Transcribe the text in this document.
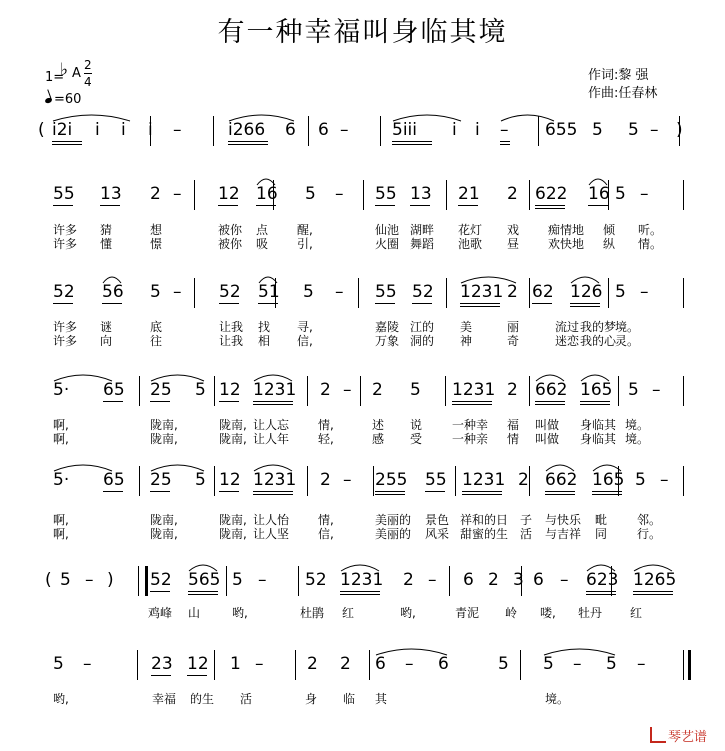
有一种幸福叫身临其境
作词:黎 强
作曲:任春林
1=
♭ A
2
4
=60
( i2i i i i –	i266 6 6 –	5iii i i – 655 5 5 – )
55 13 2 – 12 16 5 – 55 13 21 2 622 16 5 –
52 56 5 – 52 51 5 – 55 52 1231 2 62 126 5 –
5· 65 25 5 12 1231 2 – 2 5 1231 2 662 165 5 –
5· 65 25 5 12 1231 2 – 255 55 1231 2 662 165 5 –
( 5 – ) 52 565 5 – 52 1231 2 – 6 2 3 6 – 623 1265
5 –	23 12 1 –	2 2 6 – 6	5 5 – 5 –
许多 猜	想	被你 点 醒,	仙池 湖畔 花灯 戏 痴情地 倾 听。
许多 懂	憬	被你 吸 引,	火圈 舞蹈 池歌 昼 欢快地 纵 情。
许多 谜	底	让我 找 寻,	嘉陵 江的 美	丽	流过 我的梦
境。
许多 向	往	让我 相 信,	万象 洞的 神	奇	迷恋 我的心
灵。
啊,	陇南,	陇南, 让人忘 情,	述 说 一种幸 福 叫做 身临其 境。
啊,	陇南,	陇南, 让人年 轻,	感 受 一种亲 情 叫做 身临其 境。
啊,	陇南,	陇南, 让人怡 情,	美丽的 景色 祥和的日 子 与快乐 毗 邻。
啊,	陇南,	陇南, 让人坚 信,	美丽的 风采 甜蜜的生 活 与吉祥 同 行。
鸡峰 山	哟,	杜鹃 红	哟,	青泥 岭 喽, 牡丹 红
哟,	幸福 的生 活	身 临 其	境。
琴艺谱
